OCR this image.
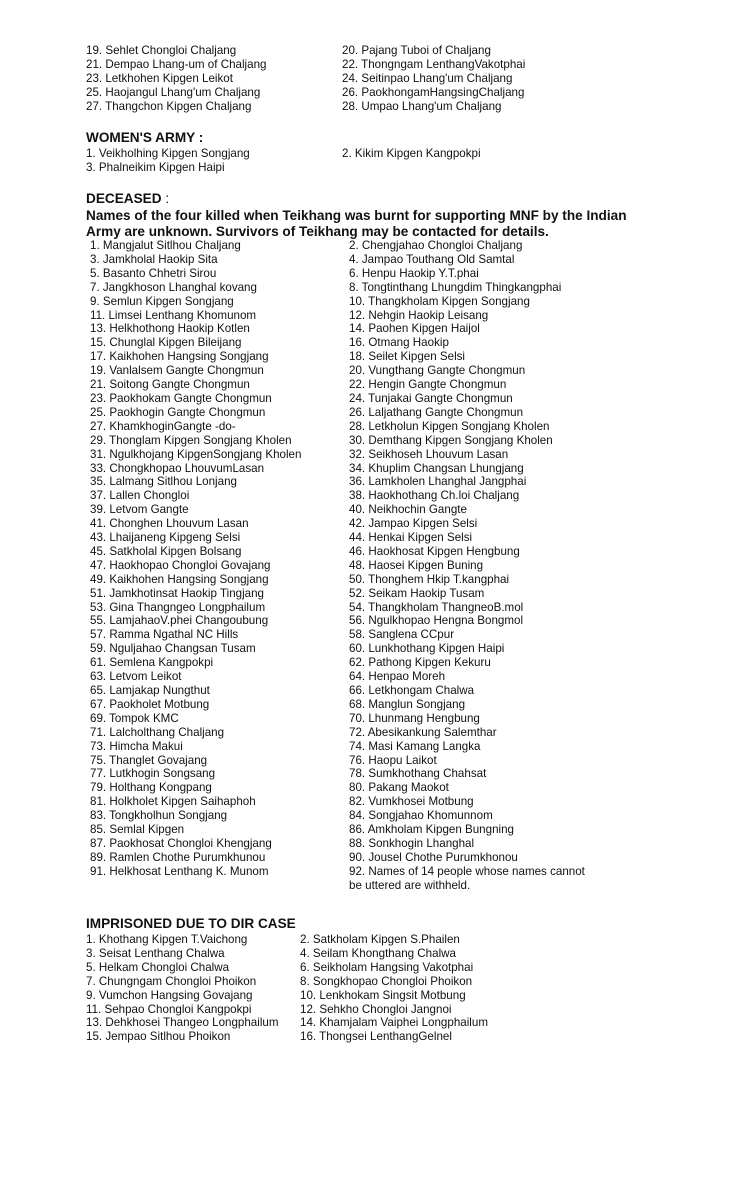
19. Sehlet Chongloi Chaljang	20. Pajang Tuboi of Chaljang
21. Dempao Lhang-um of Chaljang	22. Thongngam LenthangVakotphai
23. Letkhohen Kipgen Leikot	24. Seitinpao Lhang'um Chaljang
25. Haojangul Lhang'um Chaljang	26. PaokhongamHangsingChaljang
27. Thangchon Kipgen Chaljang	28. Umpao Lhang'um Chaljang
WOMEN'S ARMY :
1. Veikholhing Kipgen Songjang	2. Kikim Kipgen Kangpokpi
3. Phalneikim Kipgen Haipi
DECEASED :
Names of the four killed when Teikhang was burnt for supporting MNF by the Indian Army are unknown. Survivors of Teikhang may be contacted for details.
1. Mangjalut Sitlhou Chaljang	2. Chengjahao Chongloi Chaljang
3. Jamkholal Haokip Sita	4. Jampao Touthang Old Samtal
5. Basanto Chhetri Sirou	6. Henpu Haokip Y.T.phai
7. Jangkhoson Lhanghal kovang	8. Tongtinthang Lhungdim Thingkangphai
9. Semlun Kipgen Songjang	10. Thangkholam Kipgen Songjang
11. Limsei Lenthang Khomunom	12. Nehgin Haokip Leisang
13. Helkhothong Haokip Kotlen	14. Paohen Kipgen Haijol
15. Chunglal Kipgen Bileijang	16. Otmang Haokip
17. Kaikhohen Hangsing Songjang	18. Seilet Kipgen Selsi
19. Vanlalsem Gangte Chongmun	20. Vungthang Gangte Chongmun
21. Soitong Gangte Chongmun	22. Hengin Gangte Chongmun
23. Paokhokam Gangte Chongmun	24. Tunjakai Gangte Chongmun
25. Paokhogin Gangte Chongmun	26. Laljathang Gangte Chongmun
27. KhamkhoginGangte -do-	28. Letkholun Kipgen Songjang Kholen
29. Thonglam Kipgen Songjang Kholen	30. Demthang Kipgen Songjang Kholen
31. Ngulkhojang KipgenSongjang Kholen	32. Seikhoseh Lhouvum Lasan
33. Chongkhopao LhouvumLasan	34. Khuplim Changsan Lhungjang
35. Lalmang Sitlhou Lonjang	36. Lamkholen Lhanghal Jangphai
37. Lallen Chongloi	38. Haokhothang Ch.loi Chaljang
39. Letvom Gangte	40. Neikhochin Gangte
41. Chonghen Lhouvum Lasan	42. Jampao Kipgen Selsi
43. Lhaijaneng Kipgeng Selsi	44. Henkai Kipgen Selsi
45. Satkholal Kipgen Bolsang	46. Haokhosat Kipgen Hengbung
47. Haokhopao Chongloi Govajang	48. Haosei Kipgen Buning
49. Kaikhohen Hangsing Songjang	50. Thonghem Hkip T.kangphai
51. Jamkhotinsat Haokip Tingjang	52. Seikam Haokip Tusam
53. Gina Thangngeo Longphailum	54. Thangkholam ThangneoB.mol
55. LamjahaoV.phei Changoubung	56. Ngulkhopao Hengna Bongmol
57. Ramma Ngathal NC Hills	58. Sanglena CCpur
59. Nguljahao Changsan Tusam	60. Lunkhothang Kipgen Haipi
61. Semlena Kangpokpi	62. Pathong Kipgen Kekuru
63. Letvom Leikot	64. Henpao Moreh
65. Lamjakap Nungthut	66. Letkhongam Chalwa
67. Paokholet Motbung	68. Manglun Songjang
69. Tompok KMC	70. Lhunmang Hengbung
71. Lalcholthang Chaljang	72. Abesikankung Salemthar
73. Himcha Makui	74. Masi Kamang Langka
75. Thanglet Govajang	76. Haopu Laikot
77. Lutkhogin Songsang	78. Sumkhothang Chahsat
79. Holthang Kongpang	80. Pakang Maokot
81. Holkholet Kipgen Saihaphoh	82. Vumkhosei Motbung
83. Tongkholhun Songjang	84. Songjahao Khomunnom
85. Semlal Kipgen	86. Amkholam Kipgen Bungning
87. Paokhosat Chongloi Khengjang	88. Sonkhogin Lhanghal
89. Ramlen Chothe Purumkhunou	90. Jousel Chothe Purumkhonou
91. Helkhosat Lenthang K. Munom	92. Names of 14 people whose names cannot
be uttered are withheld.
IMPRISONED DUE TO DIR CASE
1. Khothang Kipgen T.Vaichong	2. Satkholam Kipgen S.Phailen
3. Seisat Lenthang Chalwa	4. Seilam Khongthang Chalwa
5. Helkam Chongloi Chalwa	6. Seikholam Hangsing Vakotphai
7. Chungngam Chongloi Phoikon	8. Songkhopao Chongloi Phoikon
9. Vumchon Hangsing Govajang	10. Lenkhokam Singsit Motbung
11. Sehpao Chongloi Kangpokpi	12. Sehkho Chongloi Jangnoi
13. Dehkhosei Thangeo Longphailum	14. Khamjalam Vaiphei Longphailum
15. Jempao Sitlhou Phoikon	16. Thongsei LenthangGelnel
